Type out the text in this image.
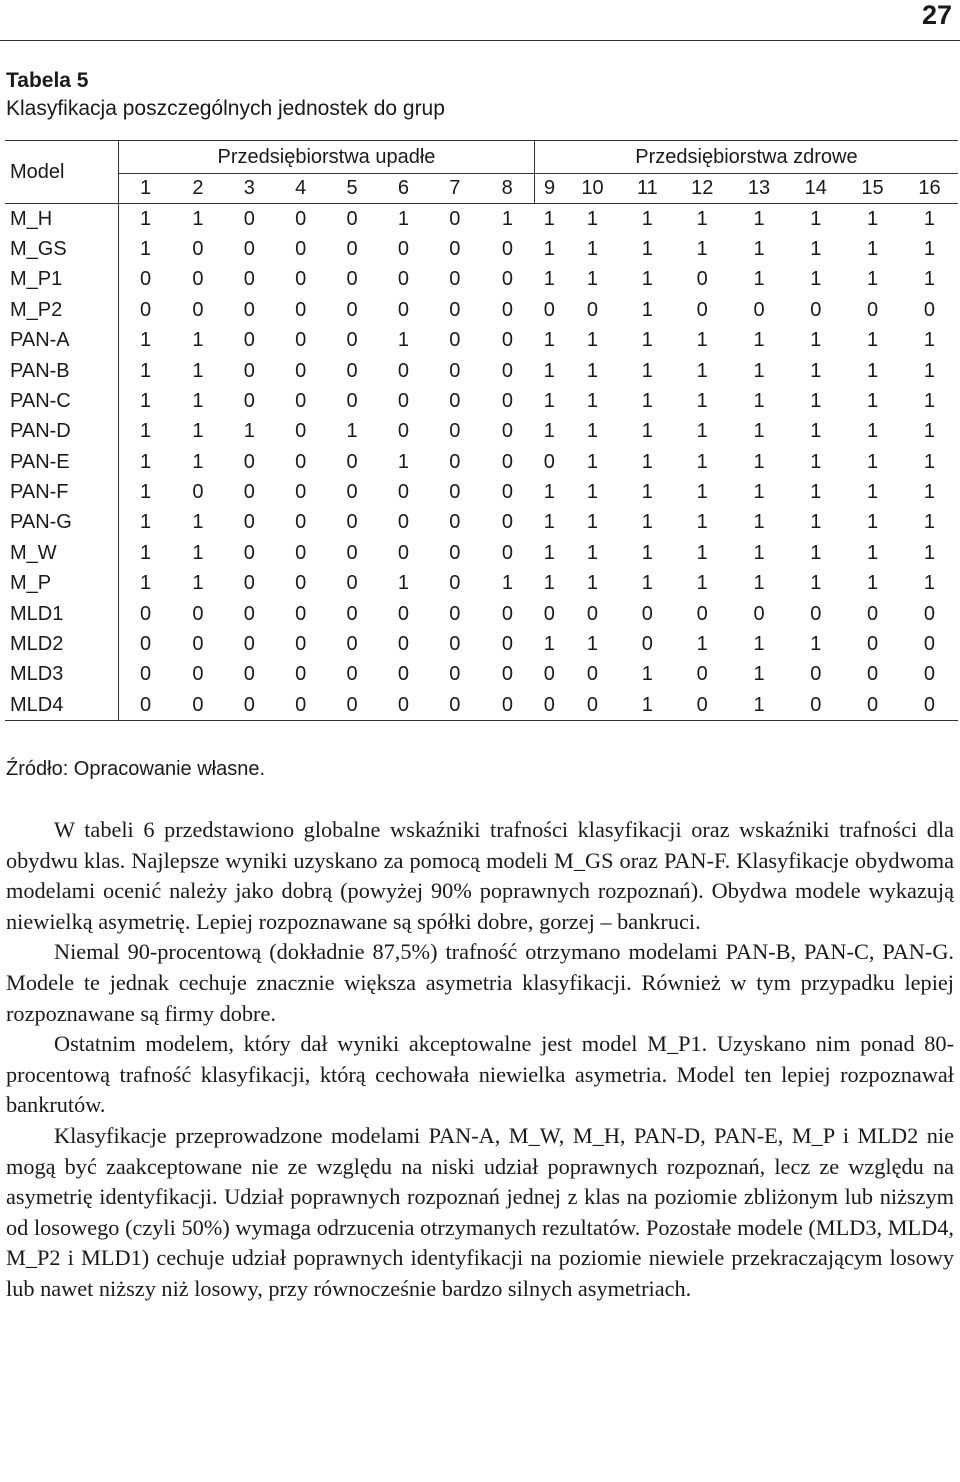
27
Tabela 5
Klasyfikacja poszczególnych jednostek do grup
Model	Przedsiębiorstwa upadłe								Przedsiębiorstwa zdrowe							
	1	2	3	4	5	6	7	8	9	10	11	12	13	14	15	16
M_H	1	1	0	0	0	1	0	1	1	1	1	1	1	1	1	1
M_GS	1	0	0	0	0	0	0	0	1	1	1	1	1	1	1	1
M_P1	0	0	0	0	0	0	0	0	1	1	1	0	1	1	1	1
M_P2	0	0	0	0	0	0	0	0	0	0	1	0	0	0	0	0
PAN-A	1	1	0	0	0	1	0	0	1	1	1	1	1	1	1	1
PAN-B	1	1	0	0	0	0	0	0	1	1	1	1	1	1	1	1
PAN-C	1	1	0	0	0	0	0	0	1	1	1	1	1	1	1	1
PAN-D	1	1	1	0	1	0	0	0	1	1	1	1	1	1	1	1
PAN-E	1	1	0	0	0	1	0	0	0	1	1	1	1	1	1	1
PAN-F	1	0	0	0	0	0	0	0	1	1	1	1	1	1	1	1
PAN-G	1	1	0	0	0	0	0	0	1	1	1	1	1	1	1	1
M_W	1	1	0	0	0	0	0	0	1	1	1	1	1	1	1	1
M_P	1	1	0	0	0	1	0	1	1	1	1	1	1	1	1	1
MLD1	0	0	0	0	0	0	0	0	0	0	0	0	0	0	0	0
MLD2	0	0	0	0	0	0	0	0	1	1	0	1	1	1	0	0
MLD3	0	0	0	0	0	0	0	0	0	0	1	0	1	0	0	0
MLD4	0	0	0	0	0	0	0	0	0	0	1	0	1	0	0	0
Źródło: Opracowanie własne.

W tabeli 6 przedstawiono globalne wskaźniki trafności klasyfikacji oraz wskaźniki trafności dla obydwu klas. Najlepsze wyniki uzyskano za pomocą modeli M_GS oraz PAN-F. Klasyfikacje obydwoma modelami ocenić należy jako dobrą (powyżej 90% poprawnych rozpoznań). Obydwa modele wykazują niewielką asymetrię. Lepiej rozpoznawane są spółki dobre, gorzej – bankruci.

Niemal 90-procentową (dokładnie 87,5%) trafność otrzymano modelami PAN-B, PAN-C, PAN-G. Modele te jednak cechuje znacznie większa asymetria klasyfikacji. Również w tym przypadku lepiej rozpoznawane są firmy dobre.

Ostatnim modelem, który dał wyniki akceptowalne jest model M_P1. Uzyskano nim ponad 80-procentową trafność klasyfikacji, którą cechowała niewielka asymetria. Model ten lepiej rozpoznawał bankrutów.

Klasyfikacje przeprowadzone modelami PAN-A, M_W, M_H, PAN-D, PAN-E, M_P i MLD2 nie mogą być zaakceptowane nie ze względu na niski udział poprawnych rozpoznań, lecz ze względu na asymetrię identyfikacji. Udział poprawnych rozpoznań jednej z klas na poziomie zbliżonym lub niższym od losowego (czyli 50%) wymaga odrzucenia otrzymanych rezultatów. Pozostałe modele (MLD3, MLD4, M_P2 i MLD1) cechuje udział poprawnych identyfikacji na poziomie niewiele przekraczającym losowy lub nawet niższy niż losowy, przy równocześnie bardzo silnych asymetriach.
